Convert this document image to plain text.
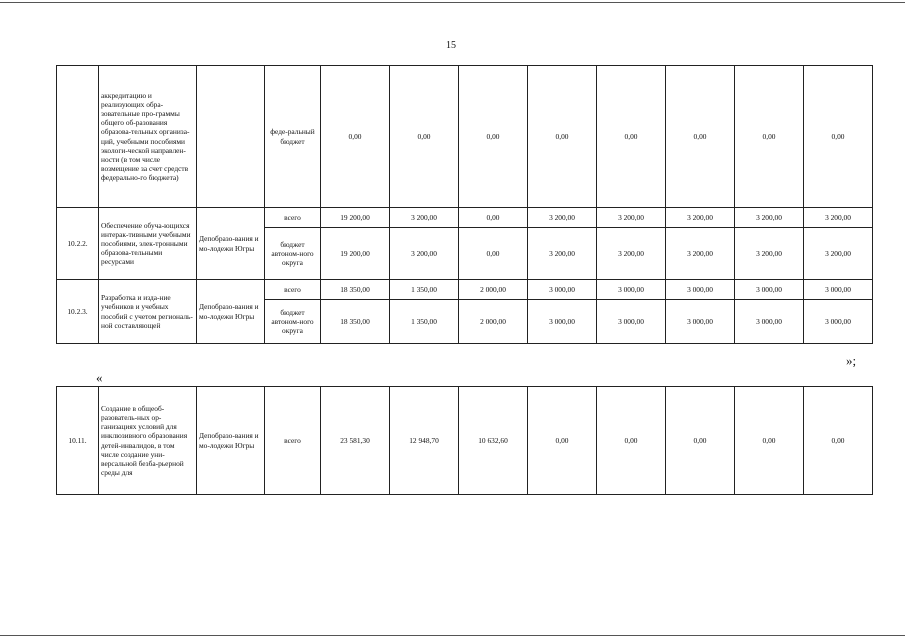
15
	аккредитацию и реализующих обра-зовательные про-граммы общего об-разования образова-тельных организа-ций, учебными пособиями экологи-ческой направлен-ности (в том числе возмещение за счет средств федерально-го бюджета)		феде-ральный бюджет	0,00	0,00	0,00	0,00	0,00	0,00	0,00	0,00
10.2.2.	Обеспечение обуча-ющихся интерак-тивными учебными пособиями, элек-тронными образова-тельными ресурсами	Депобразо-вания и мо-лодежи Югры	всего	19 200,00	3 200,00	0,00	3 200,00	3 200,00	3 200,00	3 200,00	3 200,00
			бюджет автоном-ного округа	19 200,00	3 200,00	0,00	3 200,00	3 200,00	3 200,00	3 200,00	3 200,00
10.2.3.	Разработка и изда-ние учебников и учебных пособий с учетом региональ-ной составляющей	Депобразо-вания и мо-лодежи Югры	всего	18 350,00	1 350,00	2 000,00	3 000,00	3 000,00	3 000,00	3 000,00	3 000,00
			бюджет автоном-ного округа	18 350,00	1 350,00	2 000,00	3 000,00	3 000,00	3 000,00	3 000,00	3 000,00
»;
«
10.11.	Создание в общеоб-разователь-ных ор-ганизациях условий для инклюзивного образования детей-инвалидов, в том числе создание уни-версальной безба-рьерной среды для	Депобразо-вания и мо-лодежи Югры	всего	23 581,30	12 948,70	10 632,60	0,00	0,00	0,00	0,00	0,00
